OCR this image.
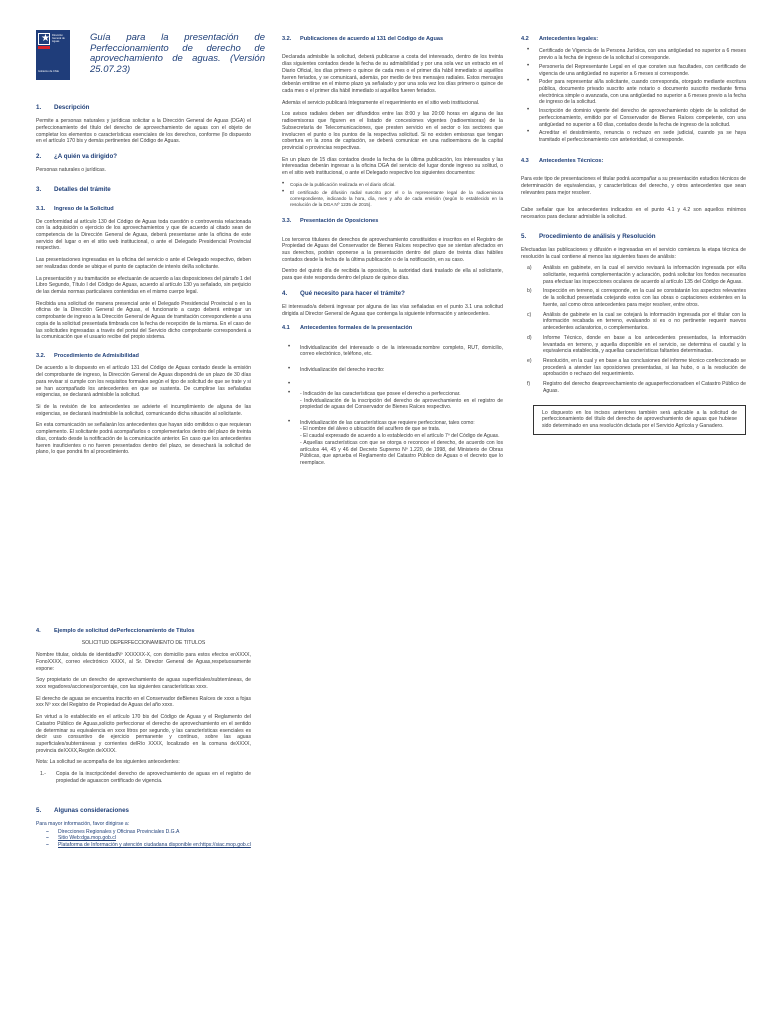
★ Dirección General de Aguas
Gobierno de Chile
Guía para la presentación de Perfeccionamiento de derecho de aprovechamiento de aguas. (Versión 25.07.23)
1.	Descripción

Permite a personas naturales y jurídicas solicitar a la Dirección General de Aguas (DGA) el perfeccionamiento del título del derecho de aprovechamiento de aguas con el objeto de completar los elementos o características esenciales de los derechos, conforme (lo dispuesto en el artículo 170 bis y demás pertinentes del Código de Aguas.

2.	¿A quién va dirigido?

Personas naturales o jurídicas.

3.	Detalles del trámite
3.1.	Ingreso de la Solicitud

De conformidad al artículo 130 del Código de Aguas toda cuestión o controversia relacionada con la adquisición o ejercicio de los aprovechamientos y que de acuerdo al citado sean de competencia de la Dirección General de Aguas, deberá presentarse ante la oficina de este servicio del lugar o en el sitio web institucional, o ante el Delegado Presidencial Provincial respectivo.

Las presentaciones ingresadas en la oficina del servicio o ante el Delegado respectivo, deben ser realizadas donde se ubique el punto de captación de interés del/la solicitante.

La presentación y su tramitación se efectuarán de acuerdo a las disposiciones del párrafo 1 del Libro Segundo, Título I del Código de Aguas, acuerdo al artículo 130 ya señalado, sin perjuicio de las demás normas particulares contenidas en el mismo cuerpo legal.

Recibida una solicitud de manera presencial ante el Delegado Presidencial Provincial o en la oficina de la Dirección General de Aguas, el funcionario a cargo deberá entregar un comprobante de ingreso a la Dirección General de Aguas de tramitación correspondiente a una copia de la solicitud presentada timbrada con la fecha de recepción de la misma. En el caso de las solicitudes ingresadas a través del portal del Servicio dicho comprobante corresponderá a la comunicación que el usuario recibe del propio sistema.

3.2.	Procedimiento de Admisibilidad

De acuerdo a lo dispuesto en el artículo 131 del Código de Aguas contado desde la emisión del comprobante de ingreso, la Dirección General de Aguas dispondrá de un plazo de 30 días para revisar si cumple con los requisitos formales según el tipo de solicitud de que se trate y si se han acompañado los antecedentes en que se sustenta. De cumplirse las señaladas exigencias, se declarará admisible la solicitud.

Si de la revisión de los antecedentes se advierte el incumplimiento de alguna de las exigencias, se declarará inadmisible la solicitud, comunicando dicha situación al solicitante.

En esta comunicación se señalarán los antecedentes que hayan sido omitidos o que requieran complemento. El solicitante podrá acompañarlos o complementarlos dentro del plazo de treinta días, contado desde la notificación de la comunicación anterior. En caso que los antecedentes fueren insuficientes o no fueren presentados dentro del plazo, se desechará la solicitud de plano, lo que pondrá fin al procedimiento.

4.	Ejemplo de solicitud dePerfeccionamiento de Títulos

SOLICITUD DEPERFECCIONAMIENTO DE TITULOS

Nombre titular, cédula de identidadNº XXXXXX-X, con domicilio para estos efectos enXXXX, FonoXXXX, correo electrónico XXXX, al Sr. Director General de Aguas,respetuosamente expone:

Soy propietario de un derecho de aprovechamiento de aguas superficiales/subterráneas, de xxxx regadores/acciones/porcentaje, con las siguientes características xxxx.

El derecho de aguas se encuentra inscrito en el Conservador deBienes Raíces de xxxx a fojas xxx Nº xxx del Registro de Propiedad de Aguas del año xxxx.

En virtud a lo establecido en el artículo 170 bis del Código de Aguas y el Reglamento del Catastro Público de Aguas,solicito perfeccionar el derecho de aprovechamiento en el sentido de determinar su equivalencia en xxxx litros por segundo, y las características esenciales es decir uso consuntivo de ejercicio permanente y continuo, sobre las aguas superficiales/subterráneas y corrientes delRío XXXX, localizado en la comuna deXXXX, provincia deXXXX,Región deXXXX.

Nota: La solicitud se acompaña de los siguientes antecedentes:

1.-	Copia de la inscripcióndel derecho de aprovechamiento de aguas en el registro de propiedad de aguascon certificado de vigencia.
5.	Algunas consideraciones

Para mayor información, favor dirigirse a:

–	Direcciones Regionales y Oficinas Provinciales D.G.A
–	Sitio Web:dga.mop.gob.cl
–	Plataforma de Información y atención ciudadana disponible en:https://siac.mop.gob.cl
3.2.	Publicaciones de acuerdo al 131 del Código de Aguas

Declarada admisible la solicitud, deberá publicarse a costa del interesado, dentro de los treinta días siguientes contados desde la fecha de su admisibilidad y por una sola vez un extracto en el Diario Oficial, los días primero o quince de cada mes o el primer día hábil inmediato si aquéllos fueren feriados, y se comunicará, además, por medio de tres mensajes radiales. Estos mensajes deberán emitirse en el mismo plazo ya señalado y por una sola vez los días primero o quince de cada mes o el primer día hábil inmediato si aquéllos fueren feriados.

Además el servicio publicará íntegramente el requerimiento en el sitio web institucional.

Los avisos radiales deben ser difundidos entre las 8:00 y las 20:00 horas en alguna de las radioemisoras que figuren en el listado de concesiones vigentes (radioemisoras) de la Subsecretaría de Telecomunicaciones, que presten servicio en el sector o los sectores que involucren el punto o los puntos de la respectiva solicitud. Si no existen emisoras que tengan cobertura en la zona de captación, se deberá comunicar en una radioemisora de la capital provincial o provincias respectivas.

En un plazo de 15 días contados desde la fecha de la última publicación, los interesados y las interesadas deberán ingresar a la oficina DGA del servicio del lugar donde ingreso su solitud, o en el sitio web institucional, o ante el Delegado respectivo los siguientes documentos:

• Copia de la publicación realizada en el diario oficial.
• El certificado de difusión radial suscrito por el o la representante legal de la radioemisora correspondiente, indicando la hora, día, mes y año de cada emisión (según lo establecido en la resolución de la DGA Nº 1235 de 2015).
3.3.	Presentación de Oposiciones

Los terceros titulares de derechos de aprovechamiento constituidos e inscritos en el Registro de Propiedad de Aguas del Conservador de Bienes Raíces respectivo que se sientan afectados en sus derechos, podrán oponerse a la presentación dentro del plazo de treinta días hábiles contados desde la fecha de la última publicación o de la notificación, en su caso.

Dentro del quinto día de recibida la oposición, la autoridad dará traslado de ella al solicitante, para que éste responda dentro del plazo de quince días.

4.	Qué necesito para hacer el trámite?

El interesado/a deberá ingresar por alguna de las vías señaladas en el punto 3.1 una solicitud dirigida al Director General de Aguas que contenga la siguiente información y antecedentes.

4.1	Antecedentes formales de la presentación

• Individualización del interesado o de la interesada:nombre completo, RUT, domicilio, correo electrónico, teléfono, etc.

• Individualización del derecho inscrito:

• - Indicación de las características que posee el derecho a perfeccionar.
- Individualización de la inscripción del derecho de aprovechamiento en el registro de propiedad de aguas del Conservador de Bienes Raíces respectivo.

• Individualización de las características que requiere perfeccionar, tales como:
- El nombre del álveo o ubicación del acuífero de que se trata.
- El caudal expresado de acuerdo a lo establecido en el artículo 7º del Código de Aguas.
- Aquellas características con que se otorga o reconoce el derecho, de acuerdo con los artículos 44, 45 y 46 del Decreto Supremo Nº 1.220, de 1998, del Ministerio de Obras Públicas, que aprueba el Reglamento del Catastro Público de Aguas o el decreto que lo reemplace.

4.2	Antecedentes legales:
• Certificado de Vigencia de la Persona Jurídica, con una antigüedad no superior a 6 meses previo a la fecha de ingreso de la solicitud si corresponde.
• Personería del Representante Legal en el que consten sus facultades, con certificado de vigencia de una antigüedad no superior a 6 meses si corresponde.
• Poder para representar al/la solicitante, cuando corresponda, otorgado mediante escritura pública, documento privado suscrito ante notario o documento suscrito mediante firma electrónica simple o avanzada, con una antigüedad no superior a 6 meses previo a la fecha de ingreso de la solicitud.
• Inscripción de dominio vigente del derecho de aprovechamiento objeto de la solicitud de perfeccionamiento, emitido por el Conservador de Bienes Raíces competente, con una antigüedad no superior a 60 días, contados desde la fecha de ingreso de la solicitud.
• Acreditar el desistimiento, renuncia o rechazo en sede judicial, cuando ya se haya tramitado el perfeccionamiento con anterioridad, si corresponde.
4.3	Antecedentes Técnicos:

Para este tipo de presentaciones el titular podrá acompañar a su presentación estudios técnicos de determinación de equivalencias, y características del derecho, y otros antecedentes que sean relevantes para mejor resolver.

Cabe señalar que los antecedentes indicados en el punto 4.1 y 4.2 son aquellos mínimos necesarios para declarar admisible la solicitud.

5.	Procedimiento de análisis y Resolución

Efectuadas las publicaciones y difusión e ingresadas en el servicio comienza la etapa técnica de resolución la cual contiene al menos las siguientes fases de análisis:

a)	Análisis en gabinete, en la cual el servicio revisará la información ingresada por el/la solicitante, requerirá complementación y aclaración, podrá solicitar los fondos necesarios para efectuar las inspecciones oculares de acuerdo al artículo 135 del Código de Aguas.
b)	Inspección en terreno, si corresponde, en la cual se constatarán los aspectos relevantes de la solicitud presentada cotejando estos con las obras o captaciones existentes en la fuente, así como otros antecedentes para mejor resolver, entre otros.
c)	Análisis de gabinete en la cual se cotejará la información ingresada por el titular con la información recabada en terreno, evaluando si es o no pertinente requerir nuevos antecedentes aclaratorios, o complementarios.
d)	Informe Técnico, donde en base a los antecedentes presentados, la información levantada en terreno, y aquella disponible en el servicio, se determina el caudal y la equivalencia establecida, y aquellas características faltantes determinadas.
e)	Resolución, en la cual y en base a las conclusiones del informe técnico confeccionado se procederá a atender las oposiciones presentadas, si las hubo, o a la resolución de aprobación o rechazo del requerimiento.
f)	Registro del derecho deaprovechamiento de aguaperfeccionadoen el Catastro Público de Aguas.
Lo dispuesto en los incisos anteriores también será aplicable a la solicitud de perfeccionamiento del título del derecho de aprovechamiento de aguas que hubiese sido determinado en una resolución dictada por el Servicio Agrícola y Ganadero.
